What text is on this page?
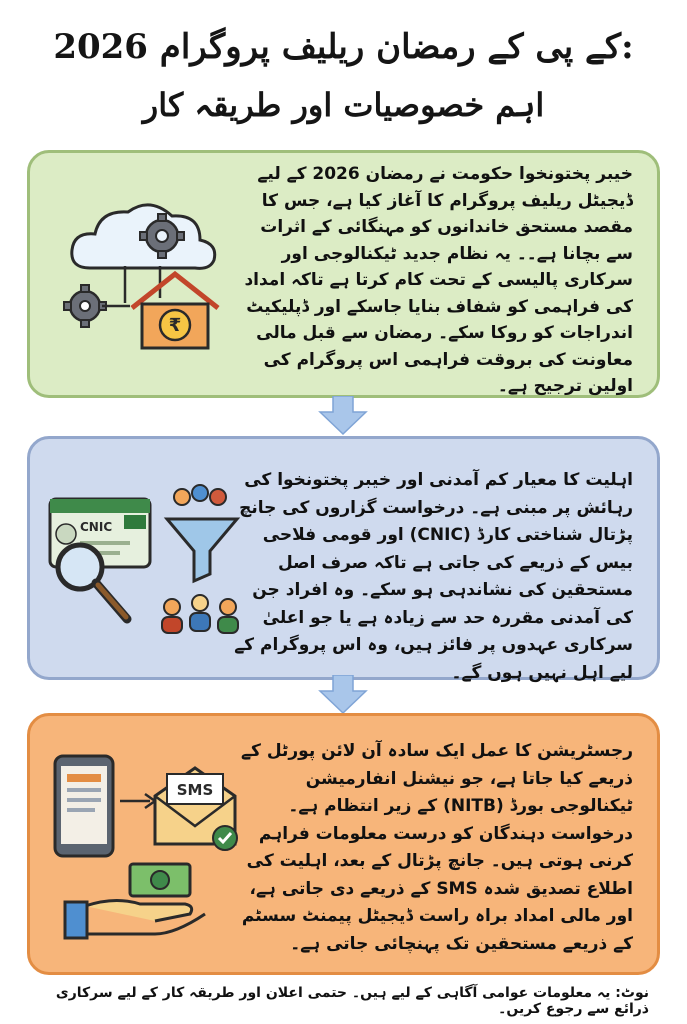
کے پی کے رمضان ریلیف پروگرام 2026:
اہم خصوصیات اور طریقہ کار
خیبر پختونخوا حکومت نے رمضان 2026 کے لیے ڈیجیٹل ریلیف پروگرام کا آغاز کیا ہے، جس کا مقصد مستحق خاندانوں کو مہنگائی کے اثرات سے بچانا ہے۔۔ یہ نظام جدید ٹیکنالوجی اور سرکاری پالیسی کے تحت کام کرتا ہے تاکہ امداد کی فراہمی کو شفاف بنایا جاسکے اور ڈپلیکیٹ اندراجات کو روکا سکے۔ رمضان سے قبل مالی معاونت کی بروقت فراہمی اس پروگرام کی اولین ترجیح ہے۔
₹
اہلیت کا معیار کم آمدنی اور خیبر پختونخوا کی رہائش پر مبنی ہے۔ درخواست گزاروں کی جانچ پڑتال شناختی کارڈ (CNIC) اور قومی فلاحی بیس کے ذریعے کی جاتی ہے تاکہ صرف اصل مستحقین کی نشاندہی ہو سکے۔ وہ افراد جن کی آمدنی مقررہ حد سے زیادہ ہے یا جو اعلیٰ سرکاری عہدوں پر فائز ہیں، وہ اس پروگرام کے لیے اہل نہیں ہوں گے۔
CNIC
رجسٹریشن کا عمل ایک سادہ آن لائن پورٹل کے ذریعے کیا جاتا ہے، جو نیشنل انفارمیشن ٹیکنالوجی بورڈ (NITB) کے زیر انتظام ہے۔ درخواست دہندگان کو درست معلومات فراہم کرنی ہوتی ہیں۔ جانچ پڑتال کے بعد، اہلیت کی اطلاع تصدیق شدہ SMS کے ذریعے دی جاتی ہے، اور مالی امداد براہ راست ڈیجیٹل پیمنٹ سسٹم کے ذریعے مستحقین تک پہنچائی جاتی ہے۔
SMS
نوٹ: یہ معلومات عوامی آگاہی کے لیے ہیں۔ حتمی اعلان اور طریقہ کار کے لیے سرکاری ذرائع سے رجوع کریں۔
